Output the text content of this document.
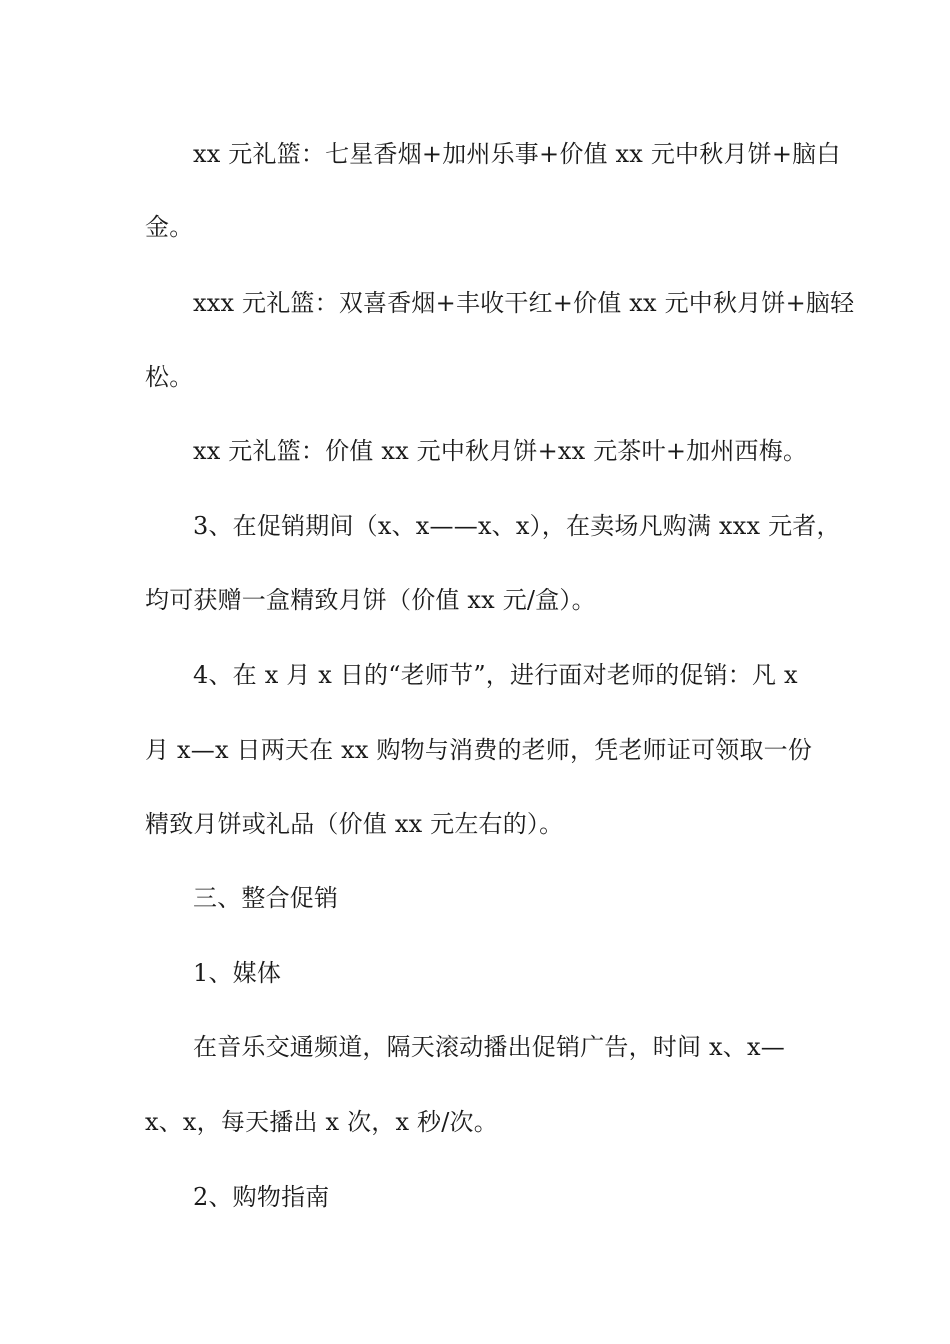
xx 元礼篮：七星香烟+加州乐事+价值 xx 元中秋月饼+脑白
金。
xxx 元礼篮：双喜香烟+丰收干红+价值 xx 元中秋月饼+脑轻
松。
xx 元礼篮：价值 xx 元中秋月饼+xx 元茶叶+加州西梅。
3、在促销期间（x、x——x、x），在卖场凡购满 xxx 元者，
均可获赠一盒精致月饼（价值 xx 元/盒）。
4、在 x 月 x 日的“老师节”，进行面对老师的促销：凡 x
月 x—x 日两天在 xx 购物与消费的老师，凭老师证可领取一份
精致月饼或礼品（价值 xx 元左右的）。
三、整合促销
1、媒体
在音乐交通频道，隔天滚动播出促销广告，时间 x、x—
x、x，每天播出 x 次，x 秒/次。
2、购物指南
